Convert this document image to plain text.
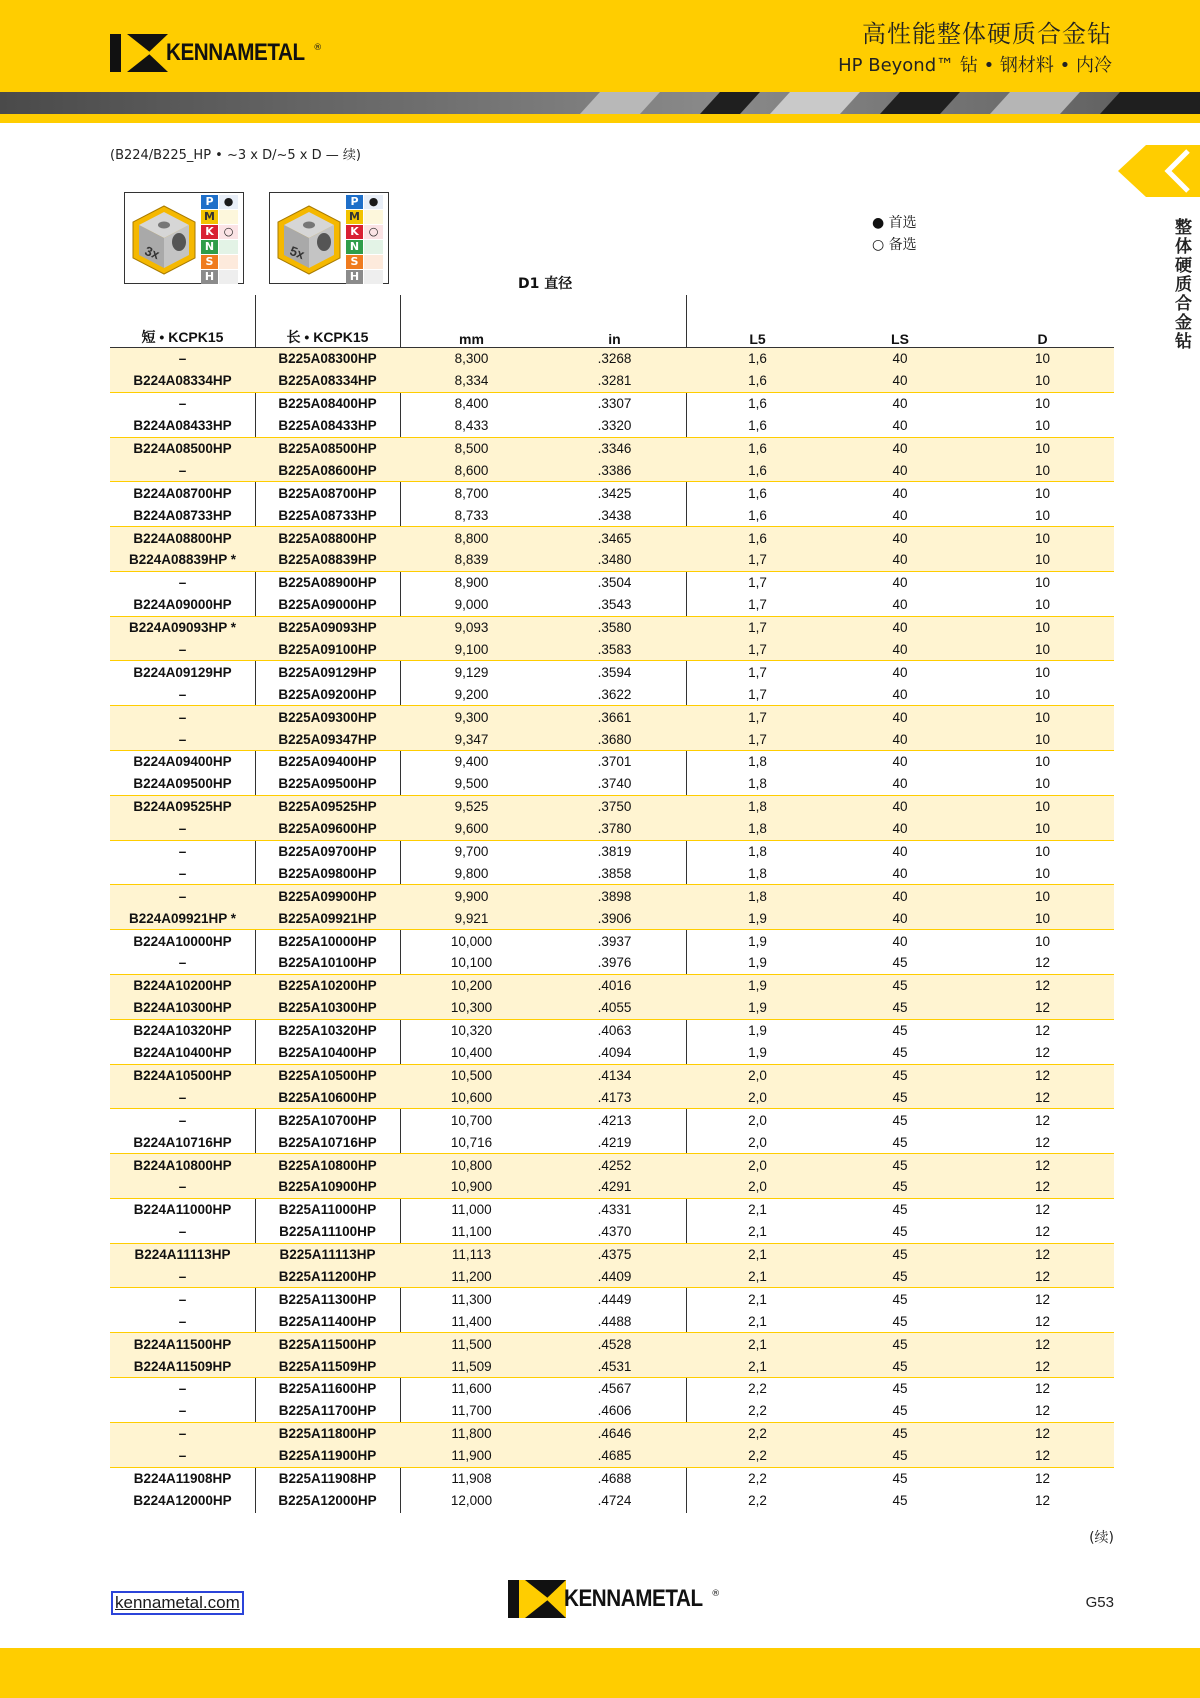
KENNAMETAL ®	高性能整体硬质合金钻
HP Beyond™ 钻 • 钢材料 • 内冷
(B224/B225_HP • ~3 x D/~5 x D — 续)
整体硬质合金钻
3x
P ●
M
K ○
N
S
H
5x
P ●
M
K ○
N
S
H
● 首选
○ 备选
D1 直径
短 • KCPK15	长 • KCPK15	mm	in	L5	LS	D
–	B225A08300HP	8,300	.3268	1,6	40	10
B224A08334HP	B225A08334HP	8,334	.3281	1,6	40	10
–	B225A08400HP	8,400	.3307	1,6	40	10
B224A08433HP	B225A08433HP	8,433	.3320	1,6	40	10
B224A08500HP	B225A08500HP	8,500	.3346	1,6	40	10
–	B225A08600HP	8,600	.3386	1,6	40	10
B224A08700HP	B225A08700HP	8,700	.3425	1,6	40	10
B224A08733HP	B225A08733HP	8,733	.3438	1,6	40	10
B224A08800HP	B225A08800HP	8,800	.3465	1,6	40	10
B224A08839HP *	B225A08839HP	8,839	.3480	1,7	40	10
–	B225A08900HP	8,900	.3504	1,7	40	10
B224A09000HP	B225A09000HP	9,000	.3543	1,7	40	10
B224A09093HP *	B225A09093HP	9,093	.3580	1,7	40	10
–	B225A09100HP	9,100	.3583	1,7	40	10
B224A09129HP	B225A09129HP	9,129	.3594	1,7	40	10
–	B225A09200HP	9,200	.3622	1,7	40	10
–	B225A09300HP	9,300	.3661	1,7	40	10
–	B225A09347HP	9,347	.3680	1,7	40	10
B224A09400HP	B225A09400HP	9,400	.3701	1,8	40	10
B224A09500HP	B225A09500HP	9,500	.3740	1,8	40	10
B224A09525HP	B225A09525HP	9,525	.3750	1,8	40	10
–	B225A09600HP	9,600	.3780	1,8	40	10
–	B225A09700HP	9,700	.3819	1,8	40	10
–	B225A09800HP	9,800	.3858	1,8	40	10
–	B225A09900HP	9,900	.3898	1,8	40	10
B224A09921HP *	B225A09921HP	9,921	.3906	1,9	40	10
B224A10000HP	B225A10000HP	10,000	.3937	1,9	40	10
–	B225A10100HP	10,100	.3976	1,9	45	12
B224A10200HP	B225A10200HP	10,200	.4016	1,9	45	12
B224A10300HP	B225A10300HP	10,300	.4055	1,9	45	12
B224A10320HP	B225A10320HP	10,320	.4063	1,9	45	12
B224A10400HP	B225A10400HP	10,400	.4094	1,9	45	12
B224A10500HP	B225A10500HP	10,500	.4134	2,0	45	12
–	B225A10600HP	10,600	.4173	2,0	45	12
–	B225A10700HP	10,700	.4213	2,0	45	12
B224A10716HP	B225A10716HP	10,716	.4219	2,0	45	12
B224A10800HP	B225A10800HP	10,800	.4252	2,0	45	12
–	B225A10900HP	10,900	.4291	2,0	45	12
B224A11000HP	B225A11000HP	11,000	.4331	2,1	45	12
–	B225A11100HP	11,100	.4370	2,1	45	12
B224A11113HP	B225A11113HP	11,113	.4375	2,1	45	12
–	B225A11200HP	11,200	.4409	2,1	45	12
–	B225A11300HP	11,300	.4449	2,1	45	12
–	B225A11400HP	11,400	.4488	2,1	45	12
B224A11500HP	B225A11500HP	11,500	.4528	2,1	45	12
B224A11509HP	B225A11509HP	11,509	.4531	2,1	45	12
–	B225A11600HP	11,600	.4567	2,2	45	12
–	B225A11700HP	11,700	.4606	2,2	45	12
–	B225A11800HP	11,800	.4646	2,2	45	12
–	B225A11900HP	11,900	.4685	2,2	45	12
B224A11908HP	B225A11908HP	11,908	.4688	2,2	45	12
B224A12000HP	B225A12000HP	12,000	.4724	2,2	45	12
(续)
kennametal.com	KENNAMETAL ®	G53
